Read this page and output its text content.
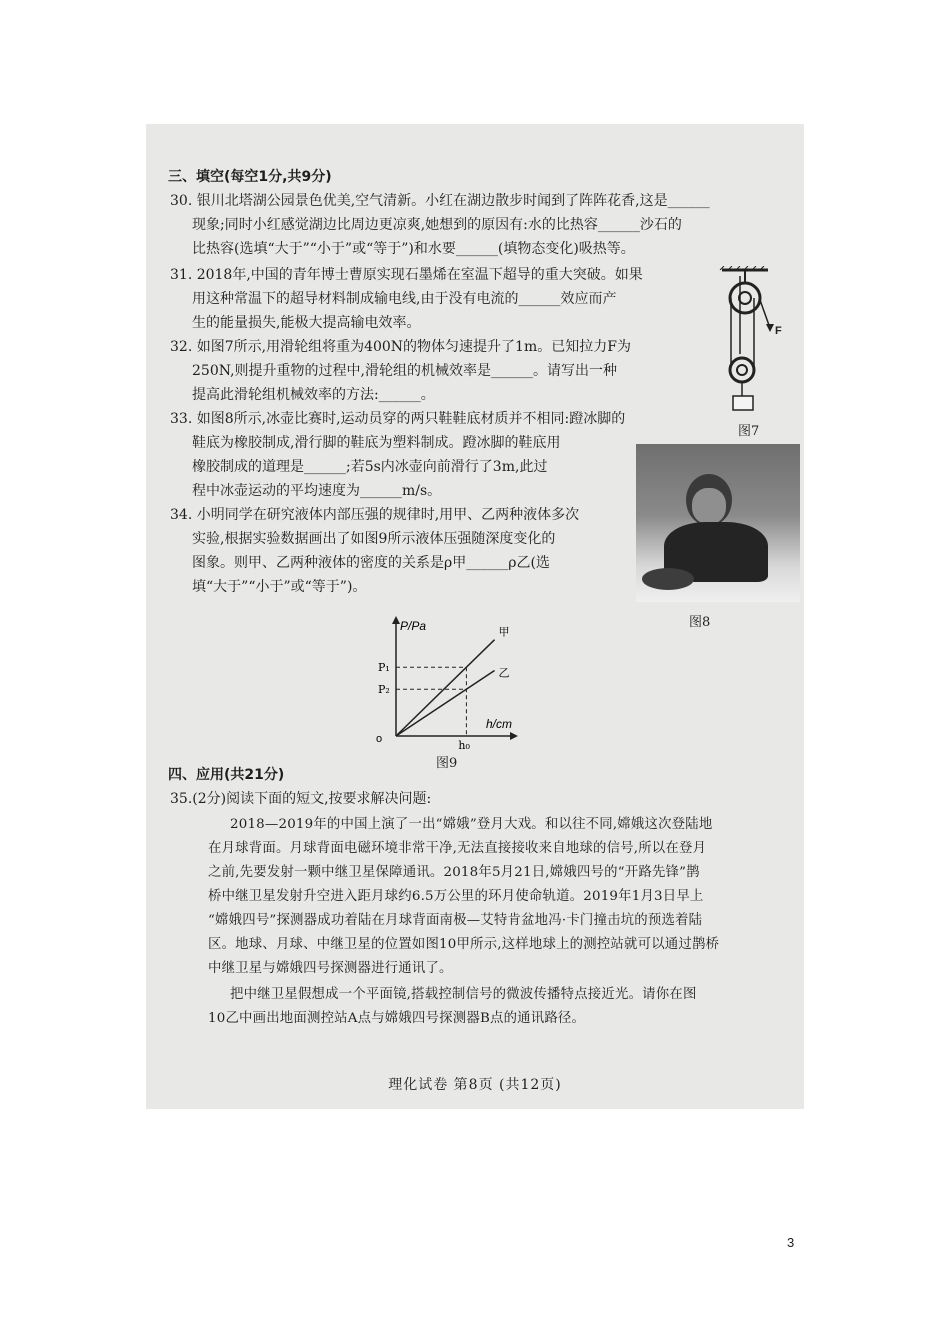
三、填空(每空1分,共9分)
30. 银川北塔湖公园景色优美,空气清新。小红在湖边散步时闻到了阵阵花香,这是______
现象;同时小红感觉湖边比周边更凉爽,她想到的原因有:水的比热容______沙石的
比热容(选填“大于”“小于”或“等于”)和水要______(填物态变化)吸热等。
31. 2018年,中国的青年博士曹原实现石墨烯在室温下超导的重大突破。如果
用这种常温下的超导材料制成输电线,由于没有电流的______效应而产
生的能量损失,能极大提高输电效率。
32. 如图7所示,用滑轮组将重为400N的物体匀速提升了1m。已知拉力F为
250N,则提升重物的过程中,滑轮组的机械效率是______。请写出一种
提高此滑轮组机械效率的方法:______。
33. 如图8所示,冰壶比赛时,运动员穿的两只鞋鞋底材质并不相同:蹬冰脚的
鞋底为橡胶制成,滑行脚的鞋底为塑料制成。蹬冰脚的鞋底用
橡胶制成的道理是______;若5s内冰壶向前滑行了3m,此过
程中冰壶运动的平均速度为______m/s。
34. 小明同学在研究液体内部压强的规律时,用甲、乙两种液体多次
实验,根据实验数据画出了如图9所示液体压强随深度变化的
图象。则甲、乙两种液体的密度的关系是ρ甲______ρ乙(选
填“大于”“小于”或“等于”)。
F
图7
图8
P/Pa
h/cm
o
甲
乙
P₁
P₂
h₀
图9
四、应用(共21分)
35.(2分)阅读下面的短文,按要求解决问题:
2018—2019年的中国上演了一出“嫦娥”登月大戏。和以往不同,嫦娥这次登陆地
在月球背面。月球背面电磁环境非常干净,无法直接接收来自地球的信号,所以在登月
之前,先要发射一颗中继卫星保障通讯。2018年5月21日,嫦娥四号的“开路先锋”鹊
桥中继卫星发射升空进入距月球约6.5万公里的环月使命轨道。2019年1月3日早上
“嫦娥四号”探测器成功着陆在月球背面南极—艾特肯盆地冯·卡门撞击坑的预选着陆
区。地球、月球、中继卫星的位置如图10甲所示,这样地球上的测控站就可以通过鹊桥
中继卫星与嫦娥四号探测器进行通讯了。
把中继卫星假想成一个平面镜,搭载控制信号的微波传播特点接近光。请你在图
10乙中画出地面测控站A点与嫦娥四号探测器B点的通讯路径。
理化试卷 第8页 (共12页)
3
